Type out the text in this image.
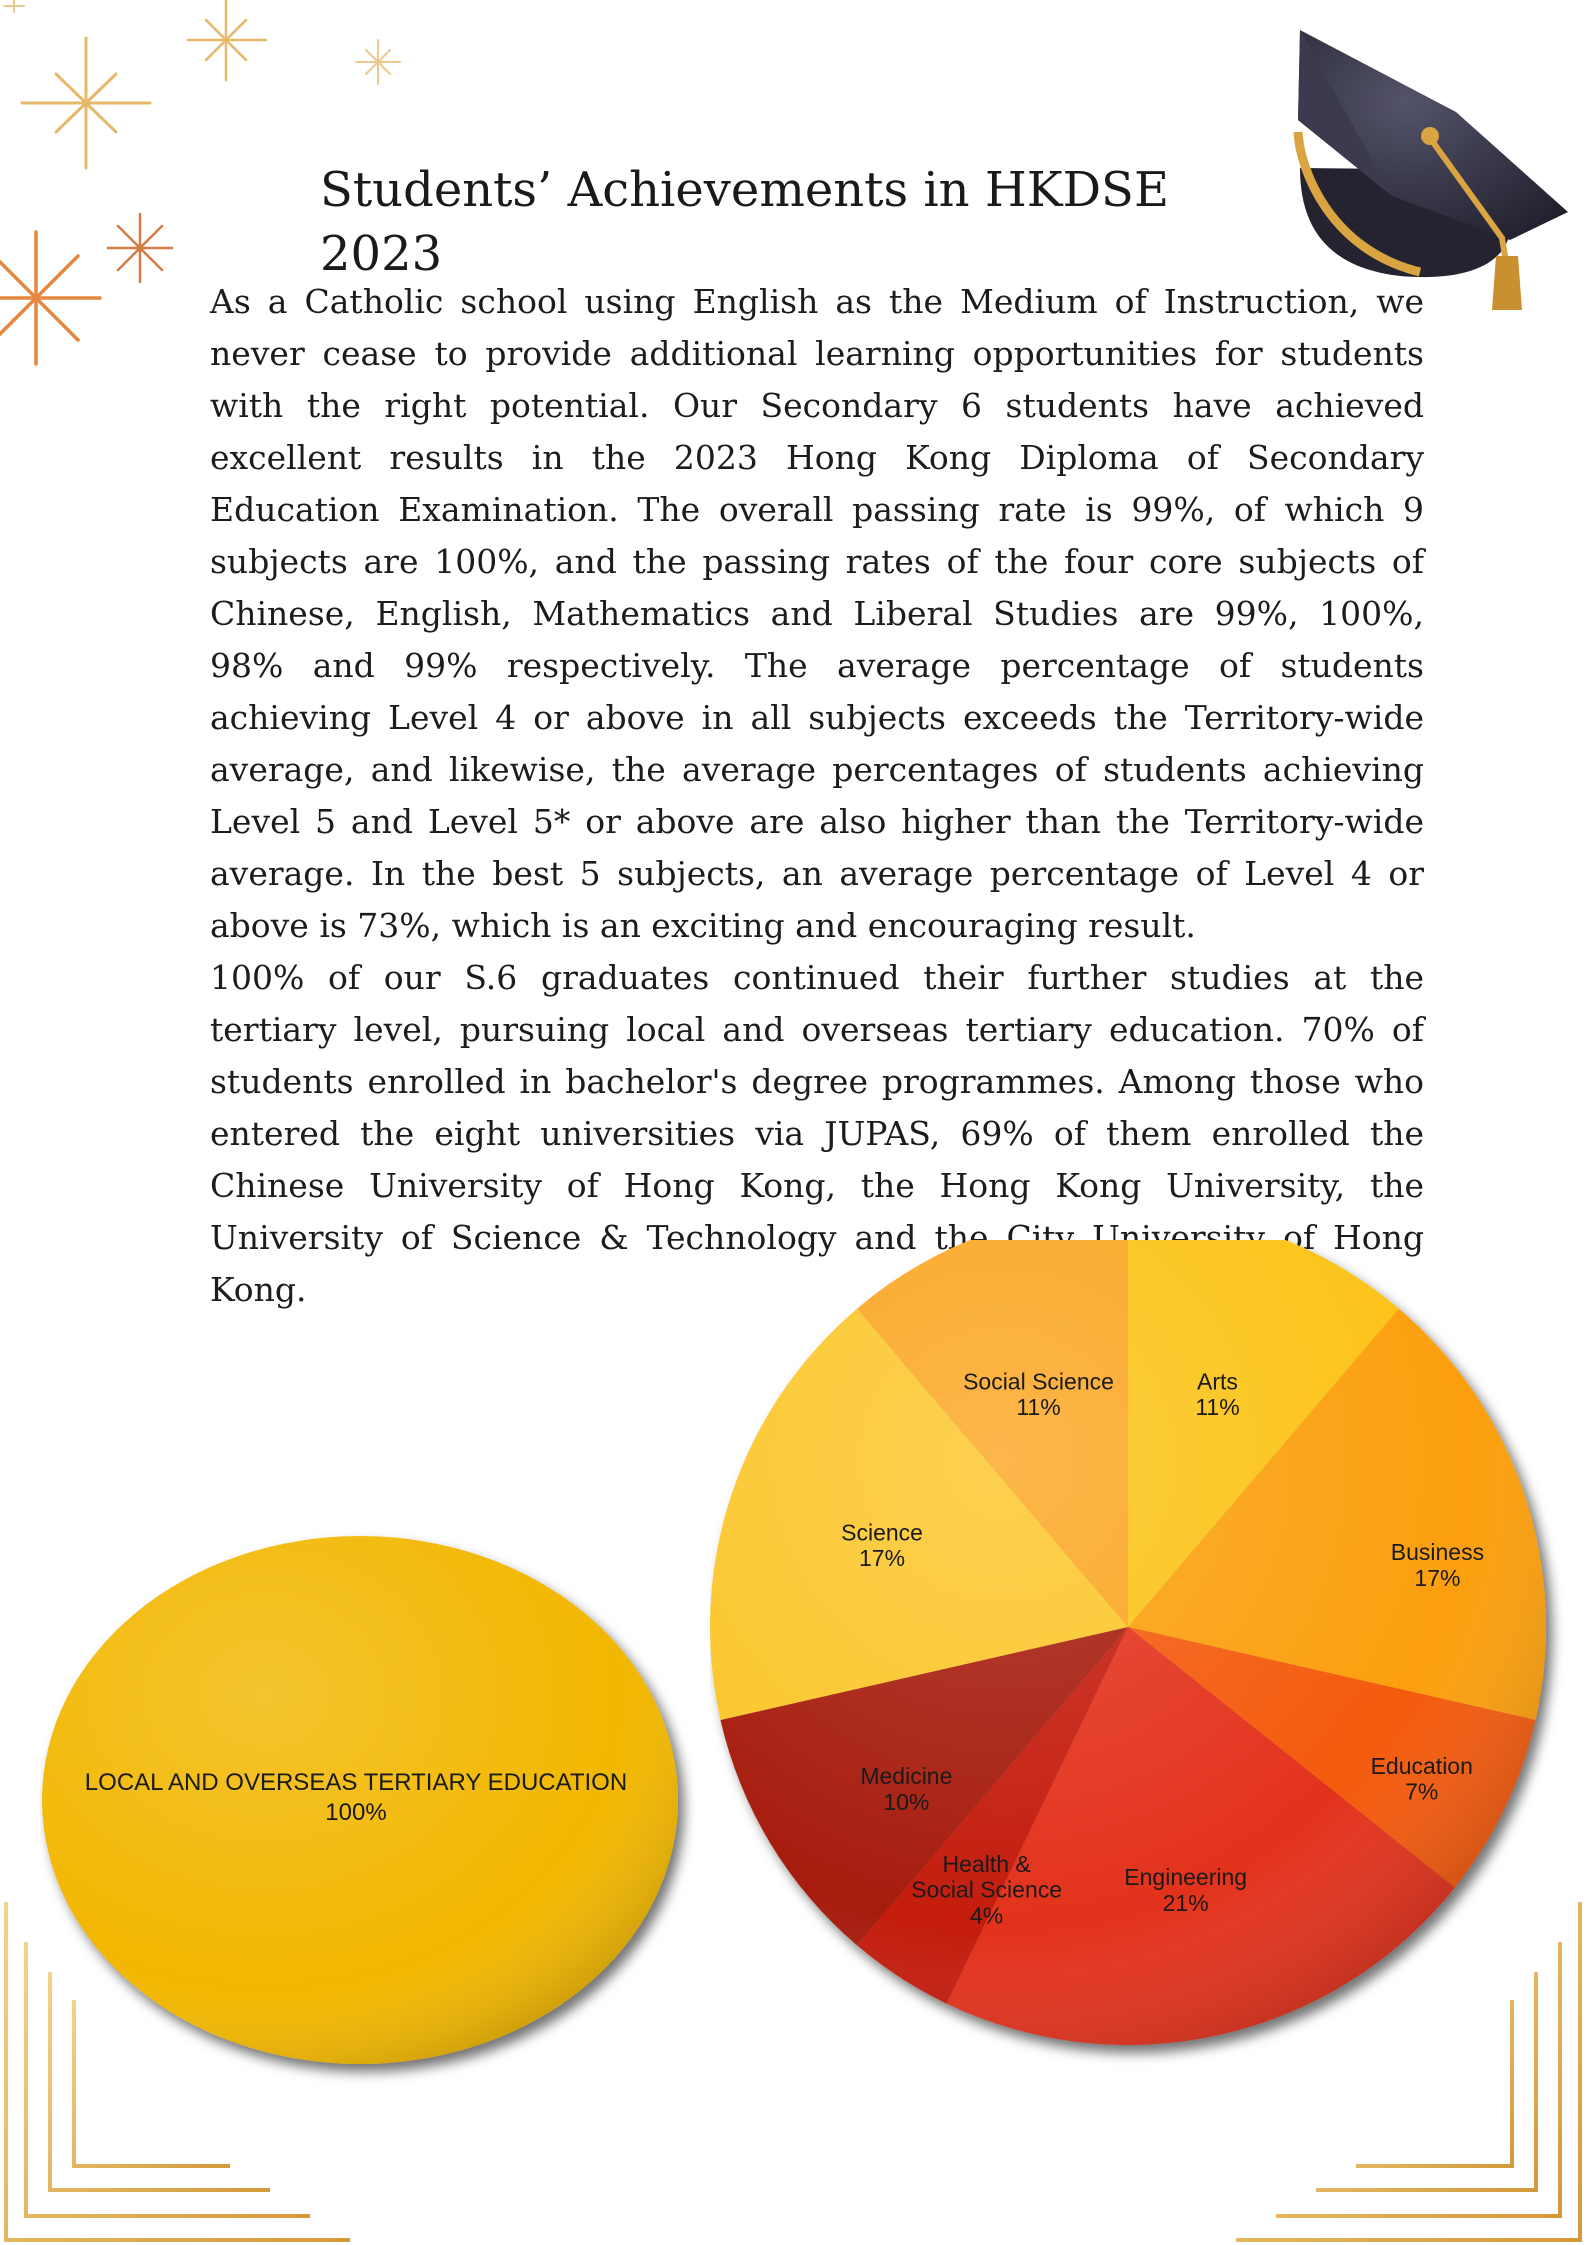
Students’ Achievements in HKDSE 2023

As a Catholic school using English as the Medium of Instruction, we never cease to provide additional learning opportunities for students with the right potential. Our Secondary 6 students have achieved excellent results in the 2023 Hong Kong Diploma of Secondary Education Examination. The overall passing rate is 99%, of which 9 subjects are 100%, and the passing rates of the four core subjects of Chinese, English, Mathematics and Liberal Studies are 99%, 100%, 98% and 99% respectively. The average percentage of students achieving Level 4 or above in all subjects exceeds the Territory-wide average, and likewise, the average percentages of students achieving Level 5 and Level 5* or above are also higher than the Territory-wide average. In the best 5 subjects, an average percentage of Level 4 or above is 73%, which is an exciting and encouraging result.

100% of our S.6 graduates continued their further studies at the tertiary level, pursuing local and overseas tertiary education. 70% of students enrolled in bachelor's degree programmes. Among those who entered the eight universities via JUPAS, 69% of them enrolled the Chinese University of Hong Kong, the Hong Kong University, the University of Science & Technology and the City University of Hong Kong.

LOCAL AND OVERSEAS TERTIARY EDUCATION
100%
Arts
11%
Business
17%
Education
7%
Engineering
21%
Health & Social Science
4%
Medicine
10%
Science
17%
Social Science
11%
